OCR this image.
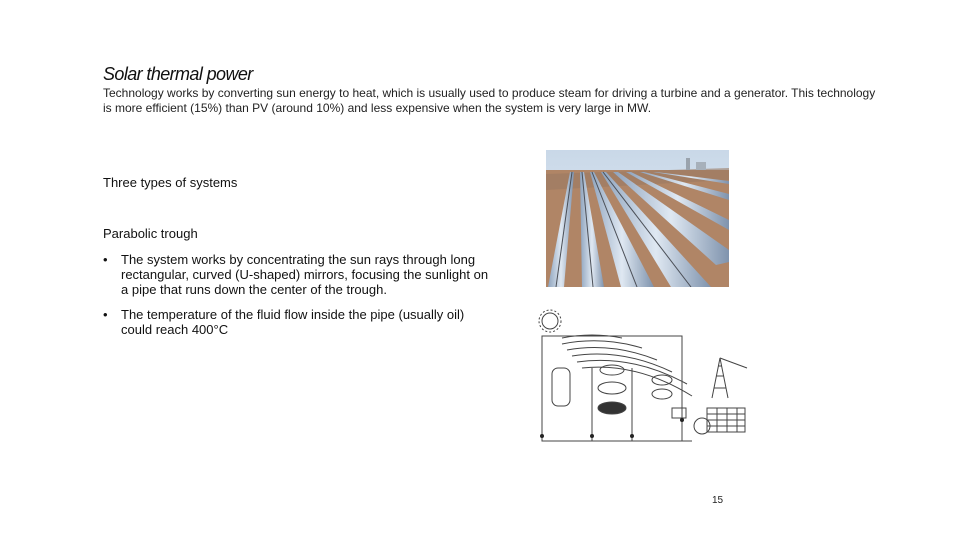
Solar thermal power
Technology works by converting sun energy to heat, which is usually used to produce steam for driving a turbine and a generator. This technology is more efficient (15%) than PV (around 10%) and less expensive when the system is very large in MW.
Three types of systems
Parabolic trough
• The system works by concentrating the sun rays through long rectangular, curved (U-shaped) mirrors, focusing the sunlight on a pipe that runs down the center of the trough.
• The temperature of the fluid flow inside the pipe (usually oil) could reach 400°C
15
